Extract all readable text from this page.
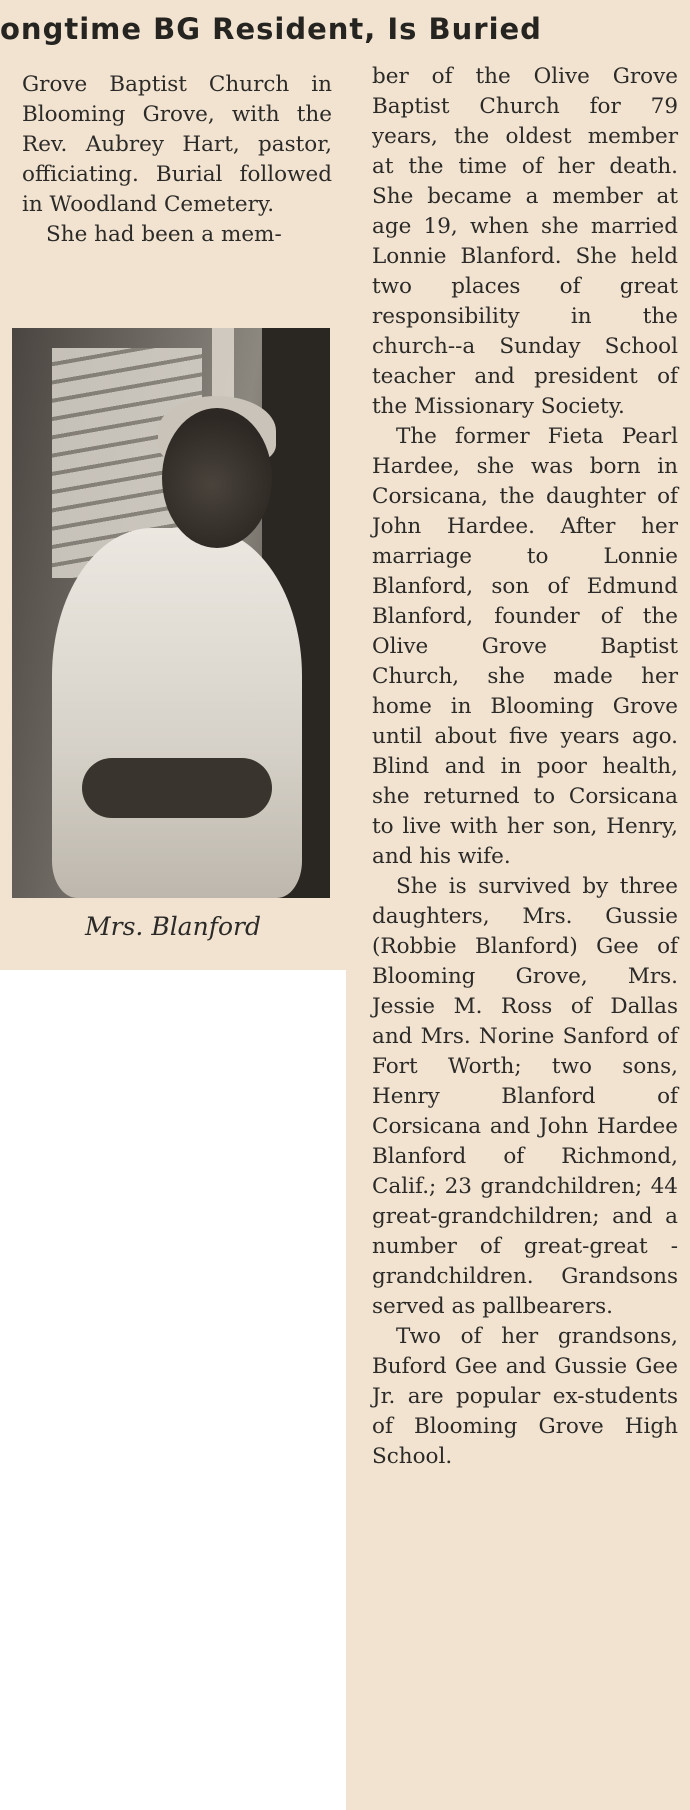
ongtime BG Resident, Is Buried

Grove Baptist Church in Blooming Grove, with the Rev. Aubrey Hart, pastor, officiating. Burial followed in Woodland Cemetery.

She had been a mem-

Mrs. Blanford

ber of the Olive Grove Baptist Church for 79 years, the oldest member at the time of her death. She became a member at age 19, when she married Lonnie Blanford. She held two places of great responsibility in the church--a Sunday School teacher and president of the Missionary Society.

The former Fieta Pearl Hardee, she was born in Corsicana, the daughter of John Hardee. After her marriage to Lonnie Blanford, son of Edmund Blanford, founder of the Olive Grove Baptist Church, she made her home in Blooming Grove until about five years ago. Blind and in poor health, she returned to Corsicana to live with her son, Henry, and his wife.

She is survived by three daughters, Mrs. Gussie (Robbie Blanford) Gee of Blooming Grove, Mrs. Jessie M. Ross of Dallas and Mrs. Norine Sanford of Fort Worth; two sons, Henry Blanford of Corsicana and John Hardee Blanford of Richmond, Calif.; 23 grandchildren; 44 great-grandchildren; and a number of great-great - grandchildren. Grandsons served as pallbearers.

Two of her grandsons, Buford Gee and Gussie Gee Jr. are popular ex-students of Blooming Grove High School.
